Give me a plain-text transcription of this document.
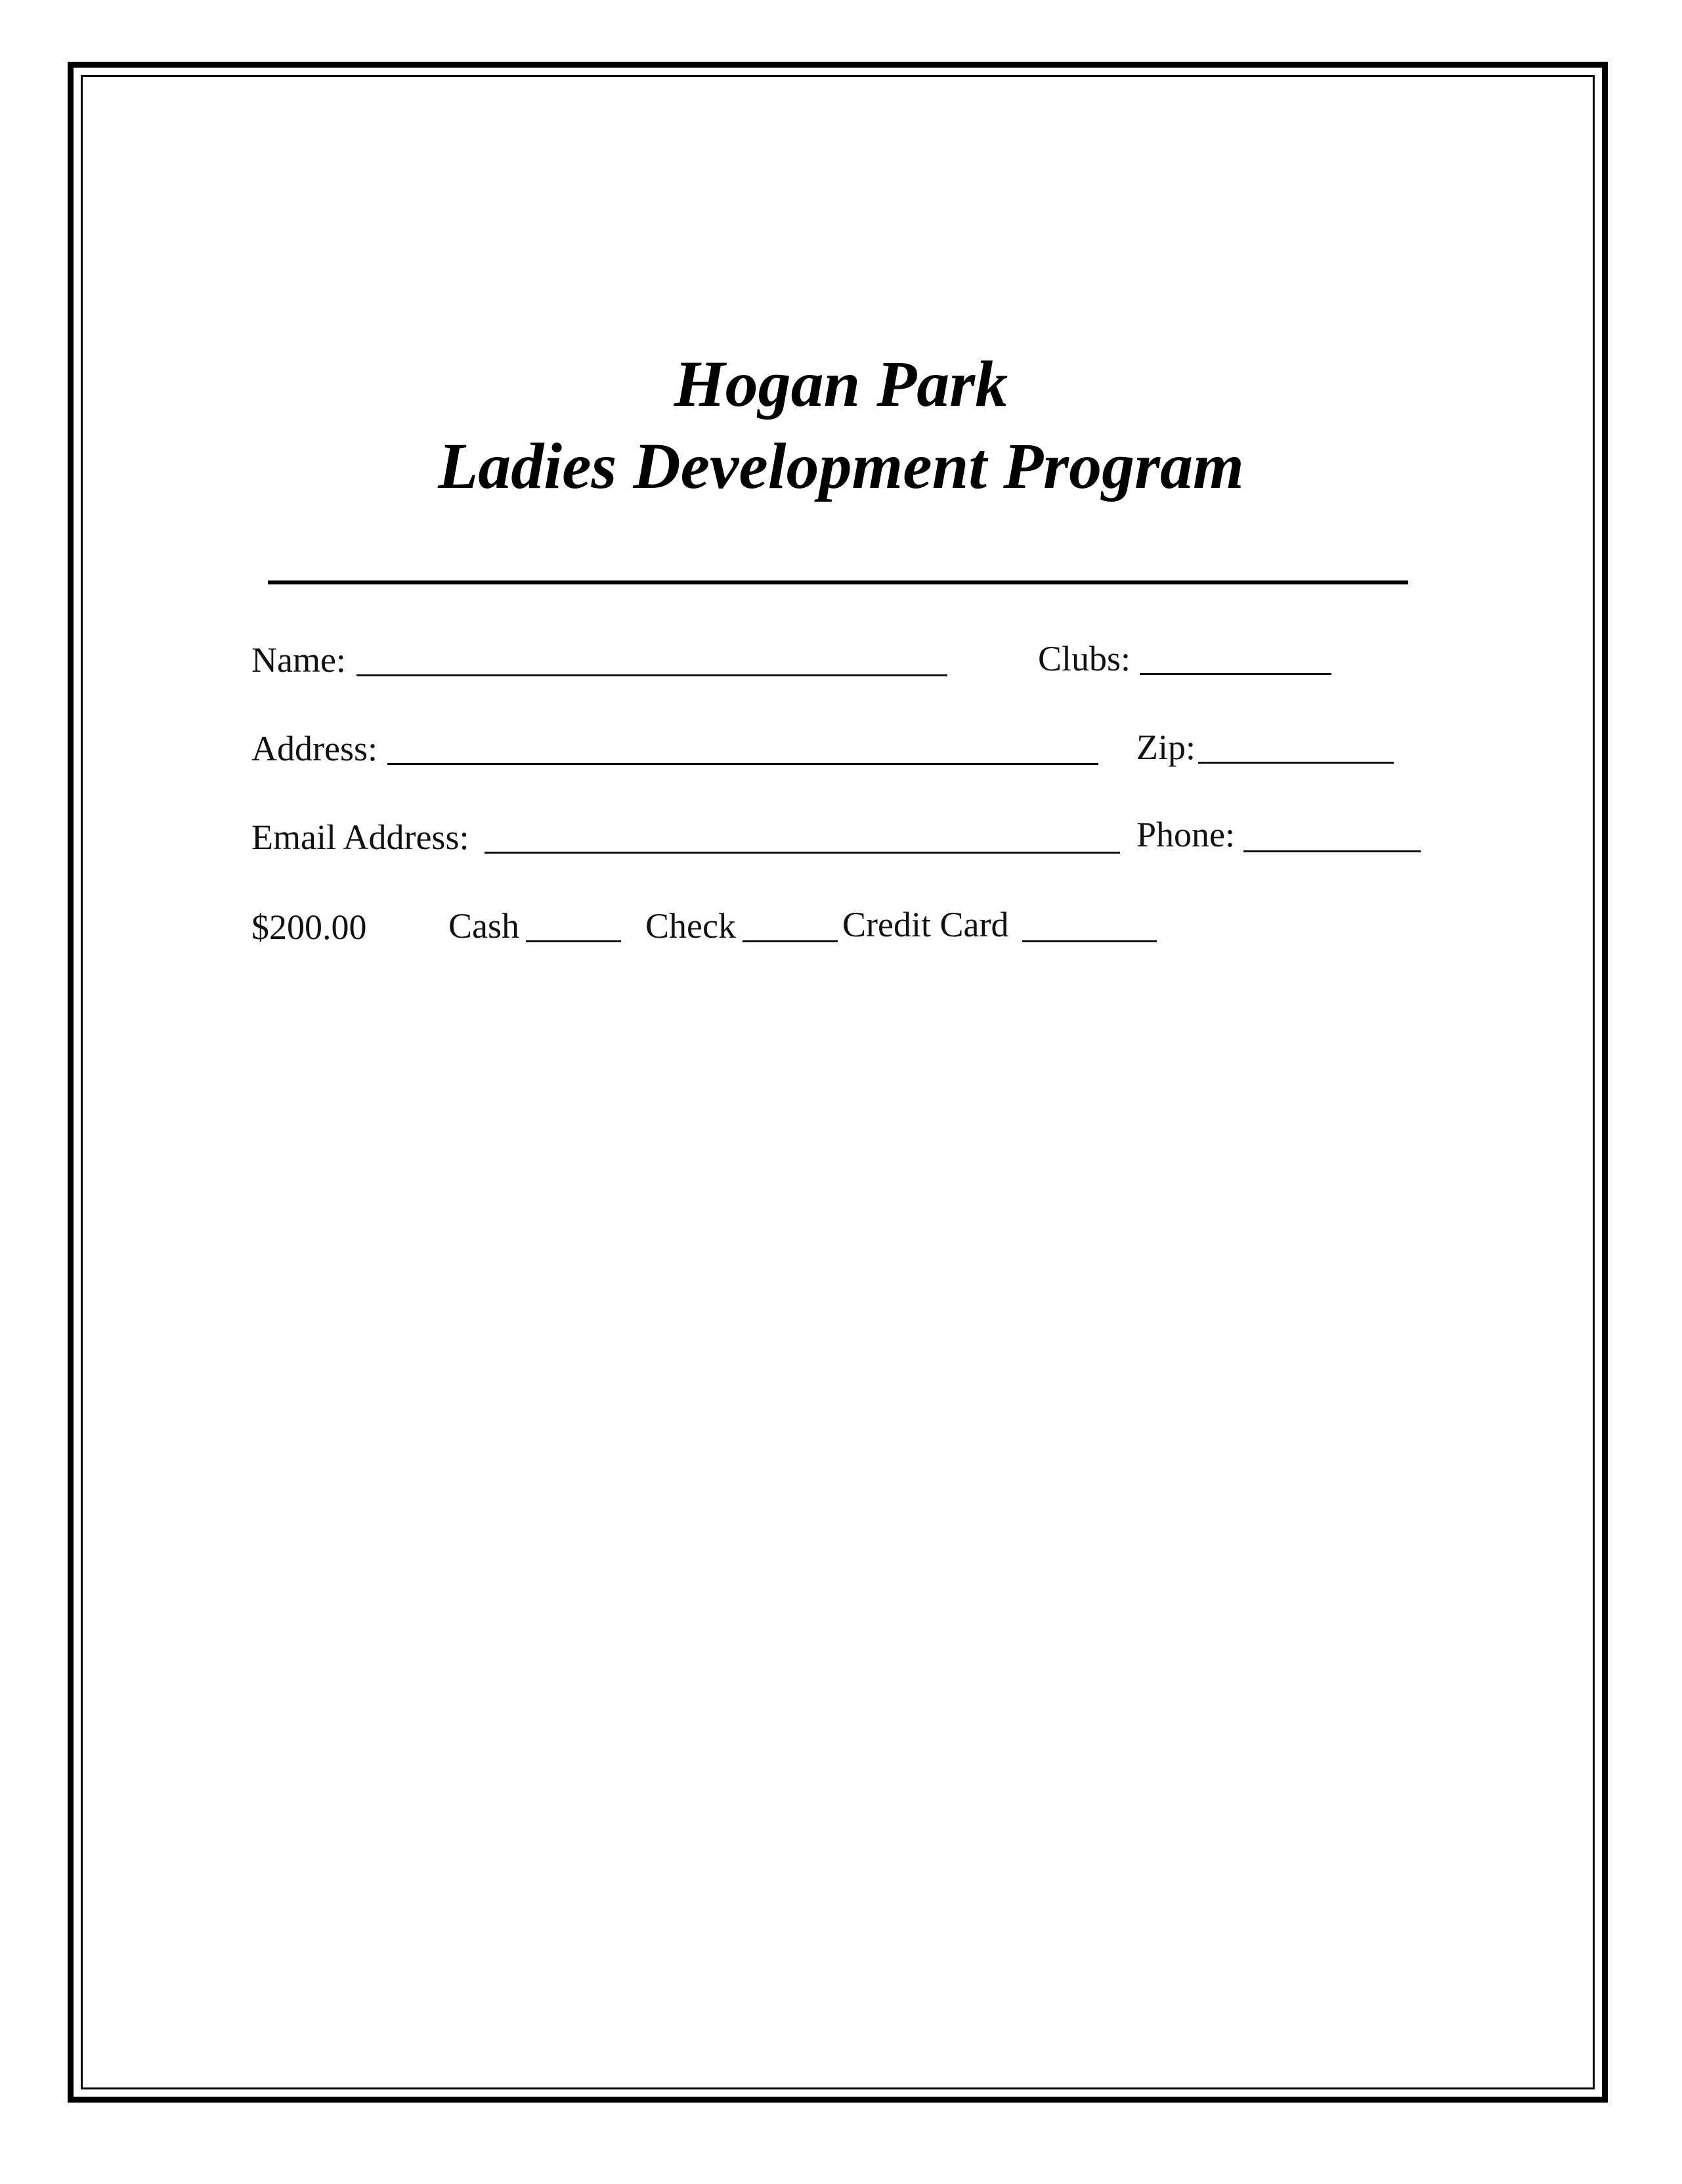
Hogan Park
Ladies Development Program
Name:	Clubs:
Address:	Zip:
Email Address:	Phone:
$200.00 Cash	Check	Credit Card
